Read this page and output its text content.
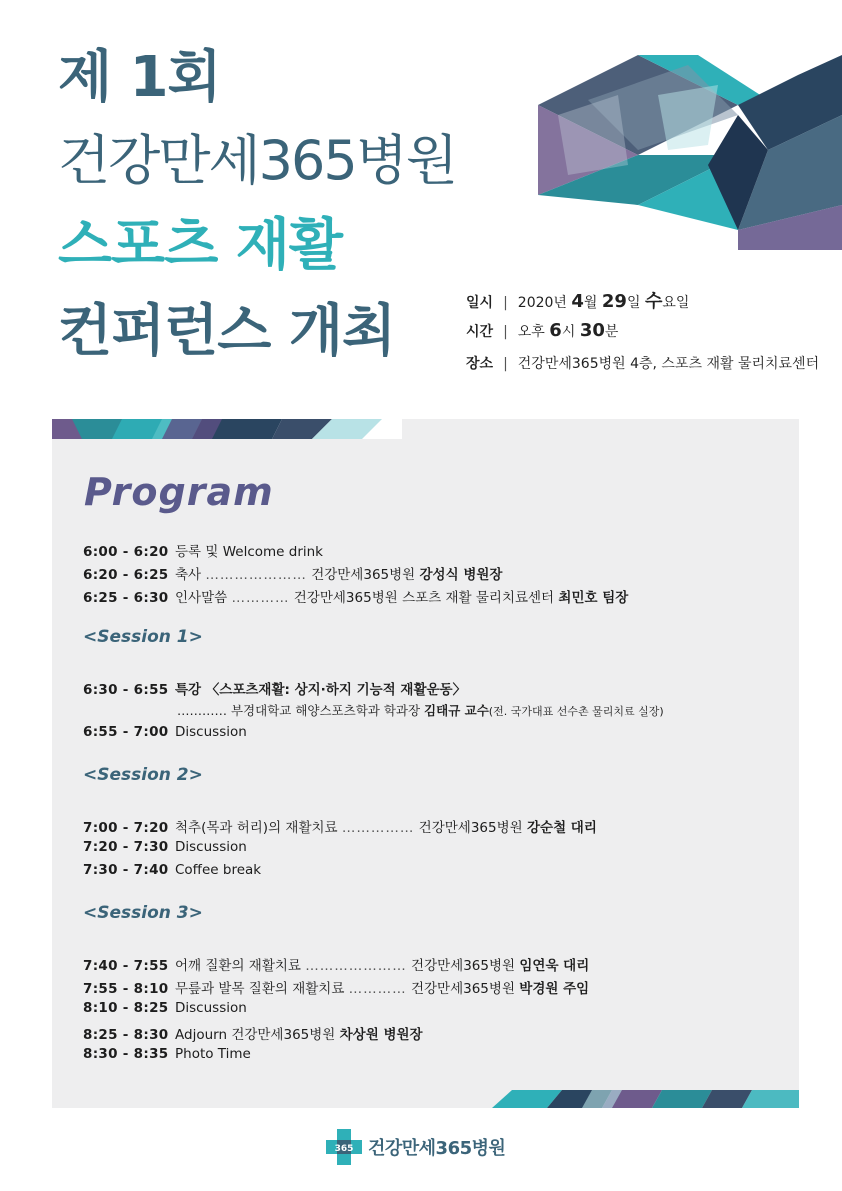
제 1회
건강만세365병원
스포츠 재활
컨퍼런스 개최	일시 | 2020년 4월 29일 수요일
시간 | 오후 6시 30분
장소 | 건강만세365병원 4층, 스포츠 재활 물리치료센터
Program
6:00 - 6:20 등록 및 Welcome drink
6:20 - 6:25 축사 ………………… 건강만세365병원 강성식 병원장
6:25 - 6:30 인사말씀 ………… 건강만세365병원 스포츠 재활 물리치료센터 최민호 팀장
<Session 1>
6:30 - 6:55 특강 〈스포츠재활: 상지·하지 기능적 재활운동〉
………… 부경대학교 해양스포츠학과 학과장 김태규 교수(전. 국가대표 선수촌 물리치료 실장)
6:55 - 7:00 Discussion
<Session 2>
7:00 - 7:20 척추(목과 허리)의 재활치료 …………… 건강만세365병원 강순철 대리
7:20 - 7:30 Discussion
7:30 - 7:40 Coffee break
<Session 3>
7:40 - 7:55 어깨 질환의 재활치료 ………………… 건강만세365병원 임연욱 대리
7:55 - 8:10 무릎과 발목 질환의 재활치료 ………… 건강만세365병원 박경원 주임
8:10 - 8:25 Discussion
8:25 - 8:30 Adjourn 건강만세365병원 차상원 병원장
8:30 - 8:35 Photo Time
365 건강만세365병원
